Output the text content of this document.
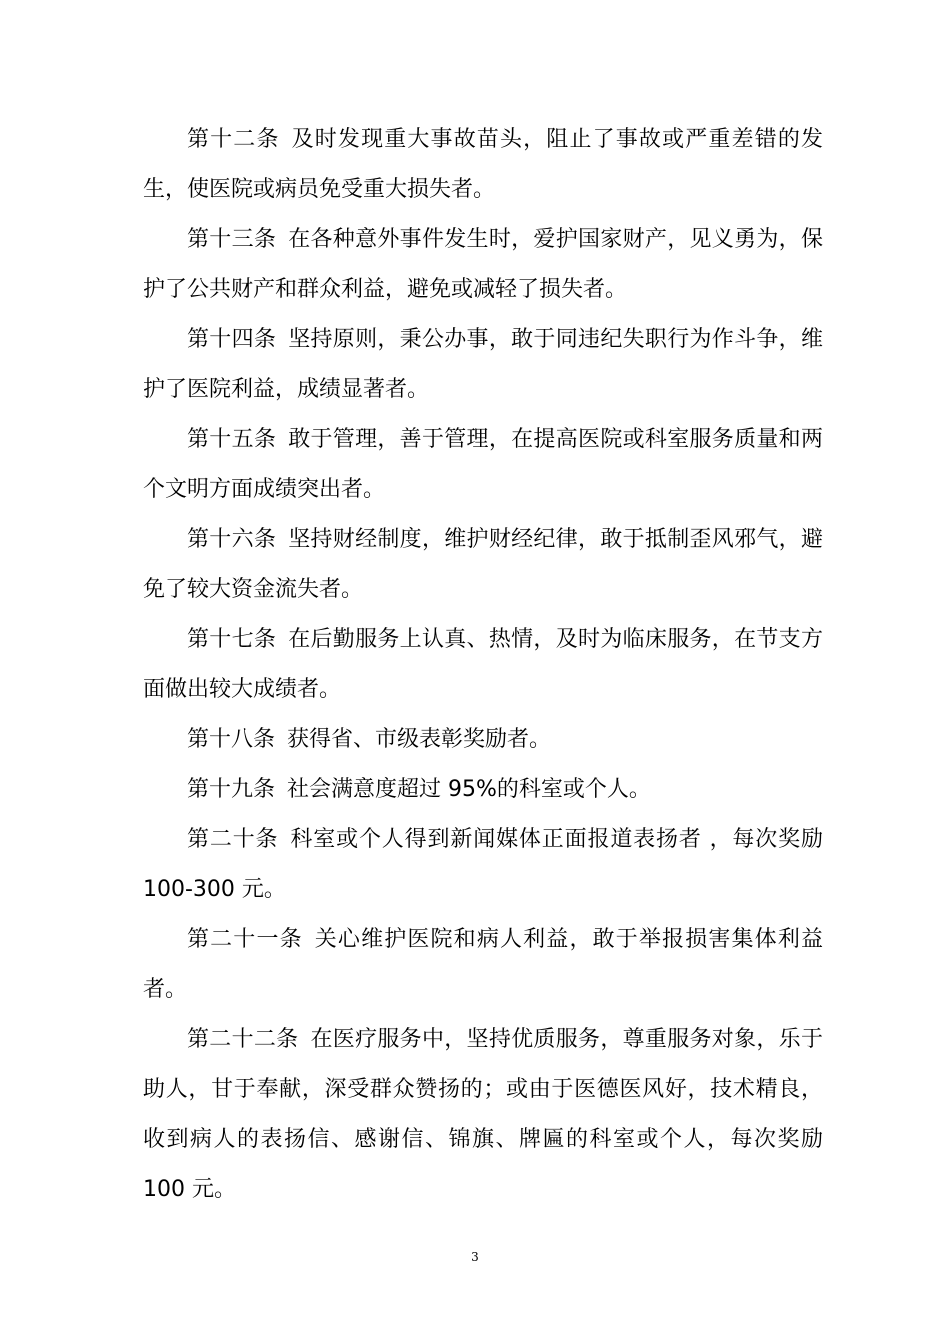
第十二条 及时发现重大事故苗头，阻止了事故或严重差错的发生，使医院或病员免受重大损失者。

第十三条 在各种意外事件发生时，爱护国家财产，见义勇为，保护了公共财产和群众利益，避免或减轻了损失者。

第十四条 坚持原则，秉公办事，敢于同违纪失职行为作斗争，维护了医院利益，成绩显著者。

第十五条 敢于管理，善于管理，在提高医院或科室服务质量和两个文明方面成绩突出者。

第十六条 坚持财经制度，维护财经纪律，敢于抵制歪风邪气，避免了较大资金流失者。

第十七条 在后勤服务上认真、热情，及时为临床服务，在节支方面做出较大成绩者。

第十八条 获得省、市级表彰奖励者。

第十九条 社会满意度超过 95%的科室或个人。

第二十条 科室或个人得到新闻媒体正面报道表扬者 ，每次奖励 100-300 元。

第二十一条 关心维护医院和病人利益，敢于举报损害集体利益者。

第二十二条 在医疗服务中，坚持优质服务，尊重服务对象，乐于助人，甘于奉献，深受群众赞扬的；或由于医德医风好，技术精良，收到病人的表扬信、感谢信、锦旗、牌匾的科室或个人，每次奖励 100 元。

3
